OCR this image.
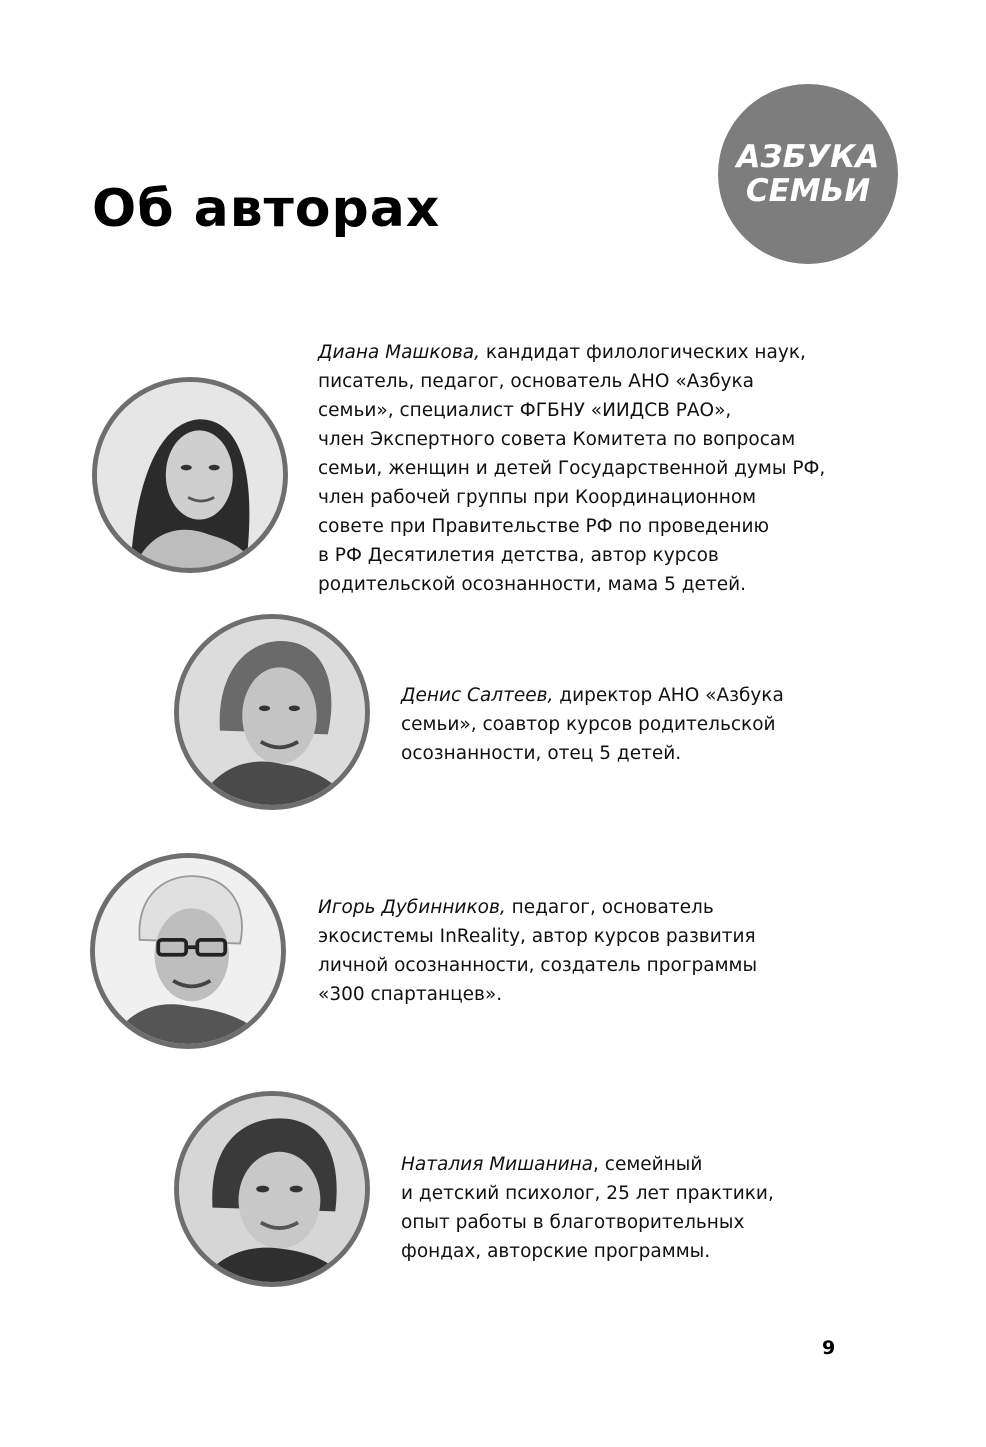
Об авторах
АЗБУКА
СЕМЬИ

Диана Машкова, кандидат филологических наук,
писатель, педагог, основатель АНО «Азбука
семьи», специалист ФГБНУ «ИИДСВ РАО»,
член Экспертного совета Комитета по вопросам
семьи, женщин и детей Государственной думы РФ,
член рабочей группы при Координационном
совете при Правительстве РФ по проведению
в РФ Десятилетия детства, автор курсов
родительской осознанности, мама 5 детей.

Денис Салтеев, директор АНО «Азбука
семьи», соавтор курсов родительской
осознанности, отец 5 детей.

Игорь Дубинников, педагог, основатель
экосистемы InReality, автор курсов развития
личной осознанности, создатель программы
«300 спартанцев».

Наталия Мишанина, семейный
и детский психолог, 25 лет практики,
опыт работы в благотворительных
фондах, авторские программы.

9
